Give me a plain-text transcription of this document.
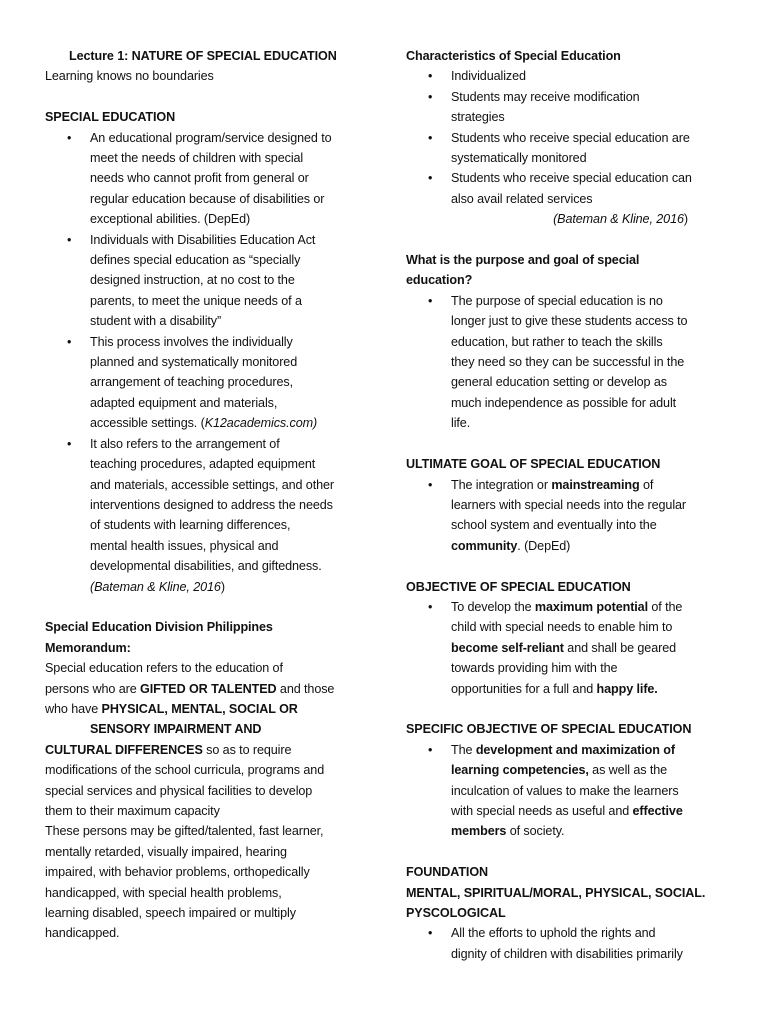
Lecture 1: NATURE OF SPECIAL EDUCATION
Learning knows no boundaries
SPECIAL EDUCATION
• An educational program/service designed to
meet the needs of children with special
needs who cannot profit from general or
regular education because of disabilities or
exceptional abilities. (DepEd)
• Individuals with Disabilities Education Act
defines special education as “specially
designed instruction, at no cost to the
parents, to meet the unique needs of a
student with a disability”
• This process involves the individually
planned and systematically monitored
arrangement of teaching procedures,
adapted equipment and materials,
accessible settings. (K12academics.com)
• It also refers to the arrangement of
teaching procedures, adapted equipment
and materials, accessible settings, and other
interventions designed to address the needs
of students with learning differences,
mental health issues, physical and
developmental disabilities, and giftedness.
(Bateman & Kline, 2016)
Special Education Division Philippines
Memorandum:
Special education refers to the education of
persons who are GIFTED OR TALENTED and those
who have PHYSICAL, MENTAL, SOCIAL OR
SENSORY IMPAIRMENT AND
CULTURAL DIFFERENCES so as to require
modifications of the school curricula, programs and
special services and physical facilities to develop
them to their maximum capacity
These persons may be gifted/talented, fast learner,
mentally retarded, visually impaired, hearing
impaired, with behavior problems, orthopedically
handicapped, with special health problems,
learning disabled, speech impaired or multiply
handicapped.
Characteristics of Special Education
• Individualized
• Students may receive modification
strategies
• Students who receive special education are
systematically monitored
• Students who receive special education can
also avail related services
(Bateman & Kline, 2016)
What is the purpose and goal of special
education?
• The purpose of special education is no
longer just to give these students access to
education, but rather to teach the skills
they need so they can be successful in the
general education setting or develop as
much independence as possible for adult
life.
ULTIMATE GOAL OF SPECIAL EDUCATION
• The integration or mainstreaming of
learners with special needs into the regular
school system and eventually into the
community. (DepEd)
OBJECTIVE OF SPECIAL EDUCATION
• To develop the maximum potential of the
child with special needs to enable him to
become self-reliant and shall be geared
towards providing him with the
opportunities for a full and happy life.
SPECIFIC OBJECTIVE OF SPECIAL EDUCATION
• The development and maximization of
learning competencies, as well as the
inculcation of values to make the learners
with special needs as useful and effective
members of society.
FOUNDATION
MENTAL, SPIRITUAL/MORAL, PHYSICAL, SOCIAL.
PYSCOLOGICAL
• All the efforts to uphold the rights and
dignity of children with disabilities primarily
